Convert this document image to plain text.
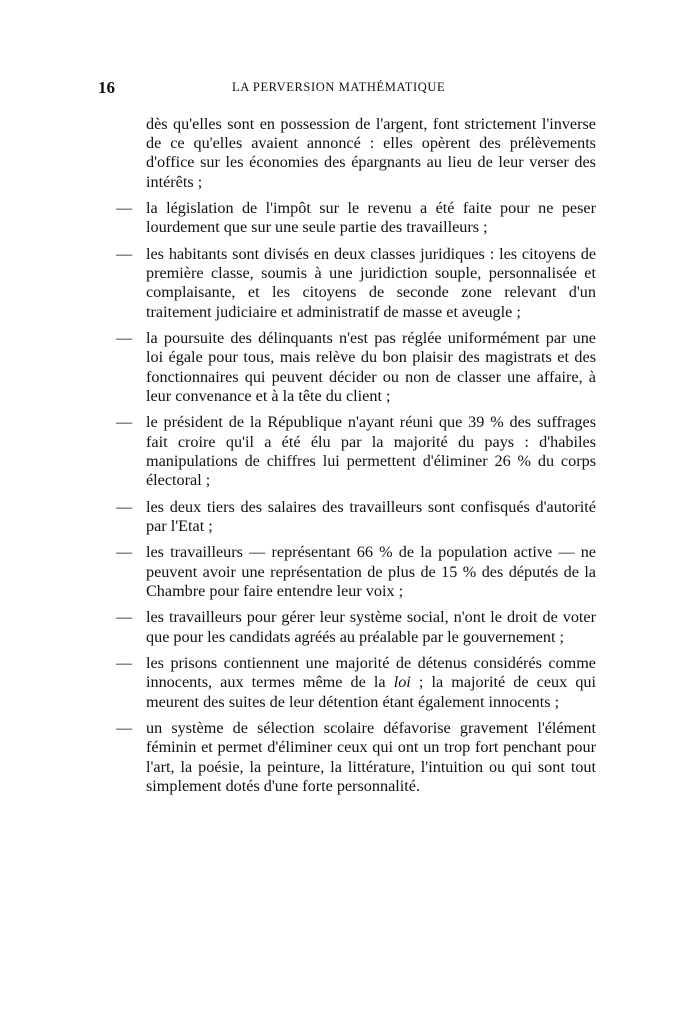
16	LA PERVERSION MATHÉMATIQUE

dès qu'elles sont en possession de l'argent, font strictement l'inverse de ce qu'elles avaient annoncé : elles opèrent des prélèvements d'office sur les économies des épargnants au lieu de leur verser des intérêts ;

— la législation de l'impôt sur le revenu a été faite pour ne peser lourdement que sur une seule partie des travailleurs ;

— les habitants sont divisés en deux classes juridiques : les citoyens de première classe, soumis à une juridiction souple, personnalisée et complaisante, et les citoyens de seconde zone relevant d'un traitement judiciaire et administratif de masse et aveugle ;

— la poursuite des délinquants n'est pas réglée uniformément par une loi égale pour tous, mais relève du bon plaisir des magistrats et des fonctionnaires qui peuvent décider ou non de classer une affaire, à leur convenance et à la tête du client ;

— le président de la République n'ayant réuni que 39 % des suffrages fait croire qu'il a été élu par la majorité du pays : d'habiles manipulations de chiffres lui permettent d'éliminer 26 % du corps électoral ;

— les deux tiers des salaires des travailleurs sont confisqués d'autorité par l'Etat ;

— les travailleurs — représentant 66 % de la population active — ne peuvent avoir une représentation de plus de 15 % des députés de la Chambre pour faire entendre leur voix ;

— les travailleurs pour gérer leur système social, n'ont le droit de voter que pour les candidats agréés au préalable par le gouvernement ;

— les prisons contiennent une majorité de détenus considérés comme innocents, aux termes même de la loi ; la majorité de ceux qui meurent des suites de leur détention étant également innocents ;

— un système de sélection scolaire défavorise gravement l'élément féminin et permet d'éliminer ceux qui ont un trop fort penchant pour l'art, la poésie, la peinture, la littérature, l'intuition ou qui sont tout simplement dotés d'une forte personnalité.
